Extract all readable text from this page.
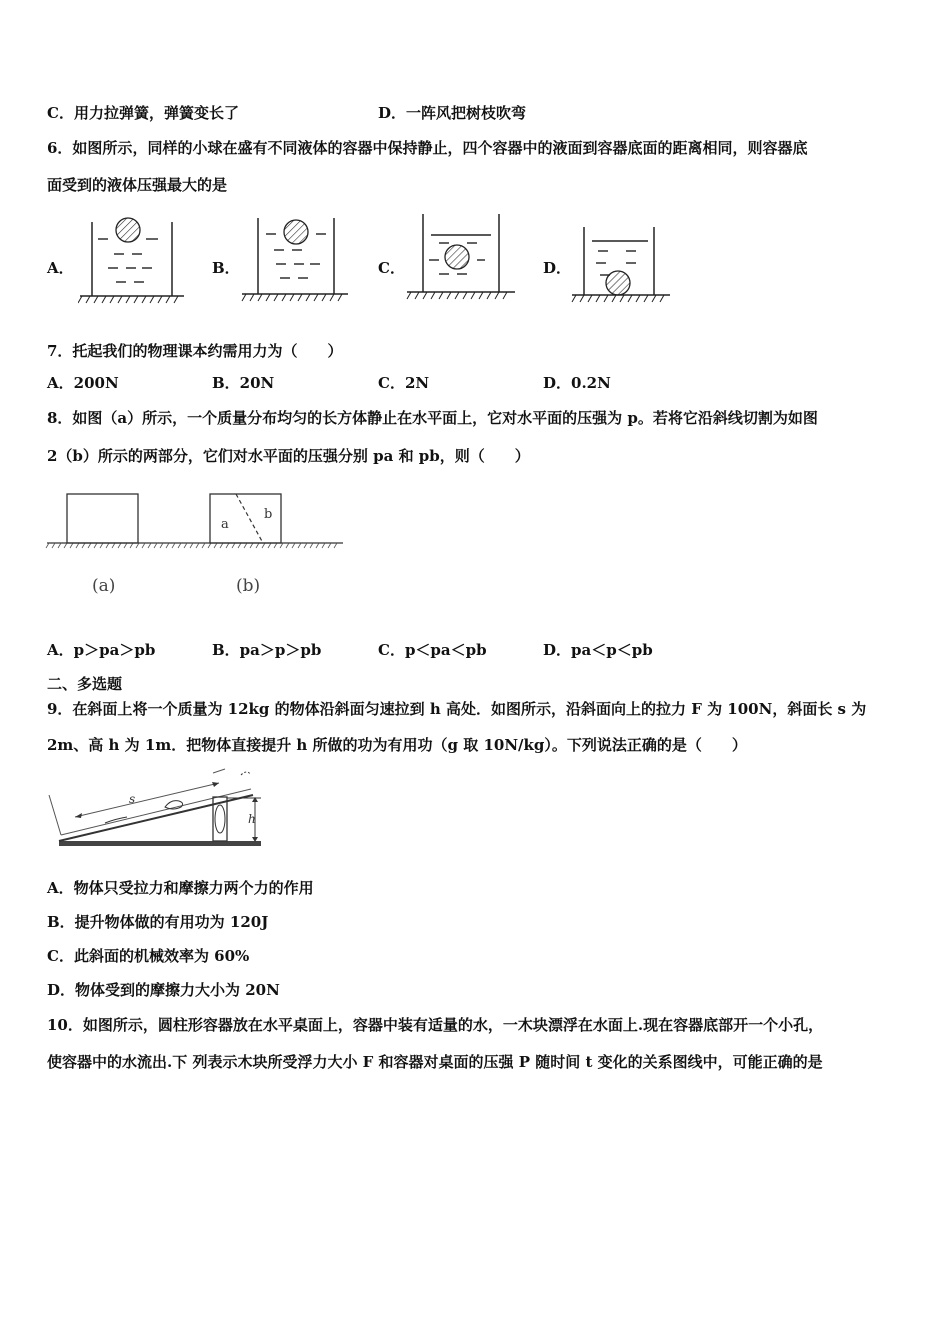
C．用力拉弹簧，弹簧变长了	D．一阵风把树枝吹弯
6．如图所示，同样的小球在盛有不同液体的容器中保持静止，四个容器中的液面到容器底面的距离相同，则容器底
面受到的液体压强最大的是
A．	B．	C．	D．
7．托起我们的物理课本约需用力为（　　）
A．200N	B．20N	C．2N	D．0.2N
8．如图（a）所示，一个质量分布均匀的长方体静止在水平面上，它对水平面的压强为 p。若将它沿斜线切割为如图
2（b）所示的两部分，它们对水平面的压强分别 pa 和 pb，则（　　）
a
b
(a)	(b)
A．p＞pa＞pb	B．pa＞p＞pb	C．p＜pa＜pb	D．pa＜p＜pb
二、多选题
9．在斜面上将一个质量为 12kg 的物体沿斜面匀速拉到 h 高处．如图所示，沿斜面向上的拉力 F 为 100N，斜面长 s 为
2m、高 h 为 1m．把物体直接提升 h 所做的功为有用功（g 取 10N/kg）。下列说法正确的是（　　）
s
h
A．物体只受拉力和摩擦力两个力的作用
B．提升物体做的有用功为 120J
C．此斜面的机械效率为 60%
D．物体受到的摩擦力大小为 20N
10．如图所示，圆柱形容器放在水平桌面上，容器中装有适量的水，一木块漂浮在水面上.现在容器底部开一个小孔，
使容器中的水流出.下 列表示木块所受浮力大小 F 和容器对桌面的压强 P 随时间 t 变化的关系图线中，可能正确的是
